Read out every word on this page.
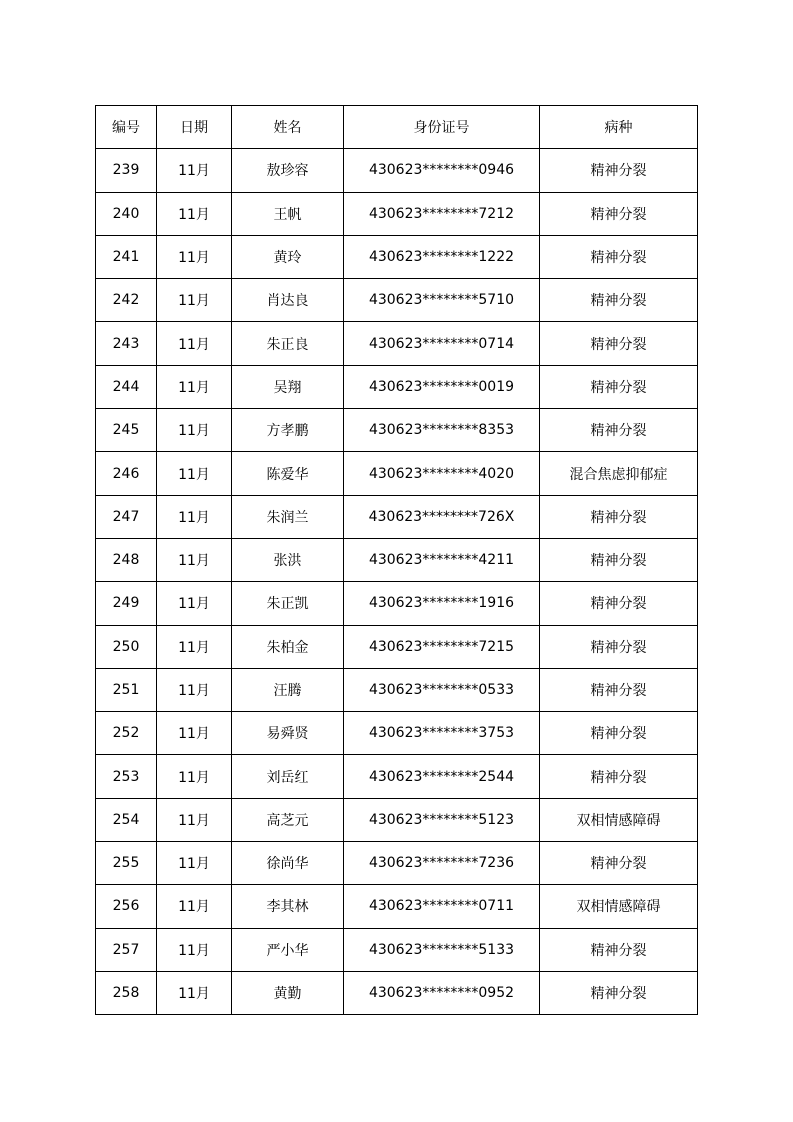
编号	日期	姓名	身份证号	病种
239	11月	敖珍容	430623********0946	精神分裂
240	11月	王帆	430623********7212	精神分裂
241	11月	黄玲	430623********1222	精神分裂
242	11月	肖达良	430623********5710	精神分裂
243	11月	朱正良	430623********0714	精神分裂
244	11月	吴翔	430623********0019	精神分裂
245	11月	方孝鹏	430623********8353	精神分裂
246	11月	陈爱华	430623********4020	混合焦虑抑郁症
247	11月	朱润兰	430623********726X	精神分裂
248	11月	张洪	430623********4211	精神分裂
249	11月	朱正凯	430623********1916	精神分裂
250	11月	朱柏金	430623********7215	精神分裂
251	11月	汪腾	430623********0533	精神分裂
252	11月	易舜贤	430623********3753	精神分裂
253	11月	刘岳红	430623********2544	精神分裂
254	11月	高芝元	430623********5123	双相情感障碍
255	11月	徐尚华	430623********7236	精神分裂
256	11月	李其林	430623********0711	双相情感障碍
257	11月	严小华	430623********5133	精神分裂
258	11月	黄勤	430623********0952	精神分裂
